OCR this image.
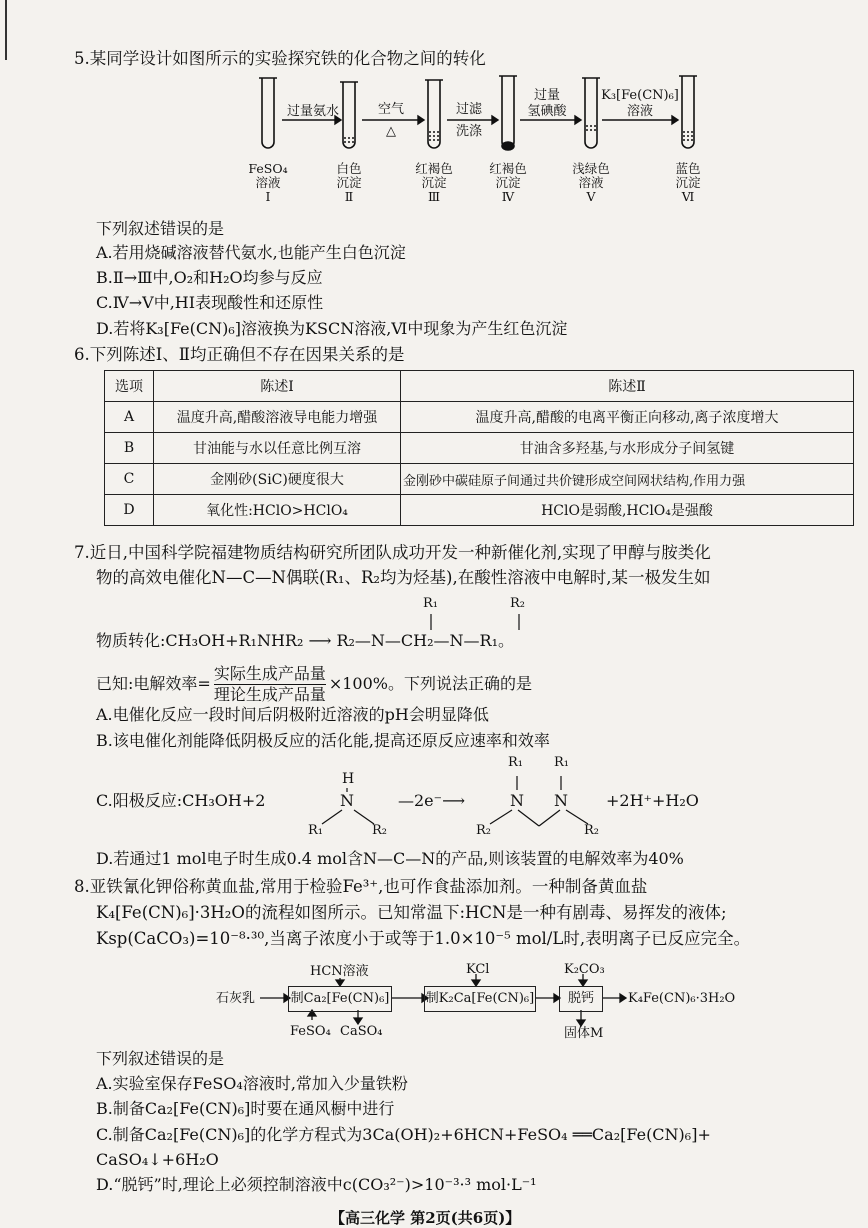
5.某同学设计如图所示的实验探究铁的化合物之间的转化
过量氨水	空气
△
过滤
洗涤
过量
氢碘酸
K₃[Fe(CN)₆]
溶液
FeSO₄
溶液
Ⅰ
白色
沉淀
Ⅱ
红褐色
沉淀
Ⅲ
红褐色
沉淀
Ⅳ
浅绿色
溶液
Ⅴ
蓝色
沉淀
Ⅵ
下列叙述错误的是
A.若用烧碱溶液替代氨水,也能产生白色沉淀
B.Ⅱ→Ⅲ中,O₂和H₂O均参与反应
C.Ⅳ→Ⅴ中,HI表现酸性和还原性
D.若将K₃[Fe(CN)₆]溶液换为KSCN溶液,Ⅵ中现象为产生红色沉淀
6.下列陈述Ⅰ、Ⅱ均正确但不存在因果关系的是
选项	陈述Ⅰ	陈述Ⅱ
A	温度升高,醋酸溶液导电能力增强	温度升高,醋酸的电离平衡正向移动,离子浓度增大
B	甘油能与水以任意比例互溶	甘油含多羟基,与水形成分子间氢键
C	金刚砂(SiC)硬度很大	金刚砂中碳硅原子间通过共价键形成空间网状结构,作用力强
D	氧化性:HClO>HClO₄	HClO是弱酸,HClO₄是强酸
7.近日,中国科学院福建物质结构研究所团队成功开发一种新催化剂,实现了甲醇与胺类化
物的高效电催化N—C—N偶联(R₁、R₂均为烃基),在酸性溶液中电解时,某一极发生如
R₁	R₂
物质转化:CH₃OH+R₁NHR₂ ⟶ R₂—N—CH₂—N—R₁。
已知:电解效率= $\frac{\text{实际生成产品量}}{\text{理论生成产品量}} \times 100\%$。下列说法正确的是
A.电催化反应一段时间后阴极附近溶液的pH会明显降低
B.该电催化剂能降低阴极反应的活化能,提高还原反应速率和效率
C.阳极反应:CH₃OH+2
H
N
R₁	R₂
—2e⁻⟶
R₁ R₁
N N
R₂	R₂
+2H⁺+H₂O
D.若通过1 mol电子时生成0.4 mol含N—C—N的产品,则该装置的电解效率为40%
8.亚铁氰化钾俗称黄血盐,常用于检验Fe³⁺,也可作食盐添加剂。一种制备黄血盐
K₄[Fe(CN)₆]·3H₂O的流程如图所示。已知常温下:HCN是一种有剧毒、易挥发的液体;
Ksp(CaCO₃)=10⁻⁸·³⁰,当离子浓度小于或等于1.0×10⁻⁵ mol/L时,表明离子已反应完全。
石灰乳	制Ca₂[Fe(CN)₆]	制K₂Ca[Fe(CN)₆]	脱钙	K₄Fe(CN)₆·3H₂O
HCN溶液	KCl	K₂CO₃
FeSO₄ CaSO₄	固体M
下列叙述错误的是
A.实验室保存FeSO₄溶液时,常加入少量铁粉
B.制备Ca₂[Fe(CN)₆]时要在通风橱中进行
C.制备Ca₂[Fe(CN)₆]的化学方程式为3Ca(OH)₂+6HCN+FeSO₄ ══Ca₂[Fe(CN)₆]+
CaSO₄↓+6H₂O
D.“脱钙”时,理论上必须控制溶液中c(CO₃²⁻)>10⁻³·³ mol·L⁻¹
【高三化学 第2页(共6页)】
